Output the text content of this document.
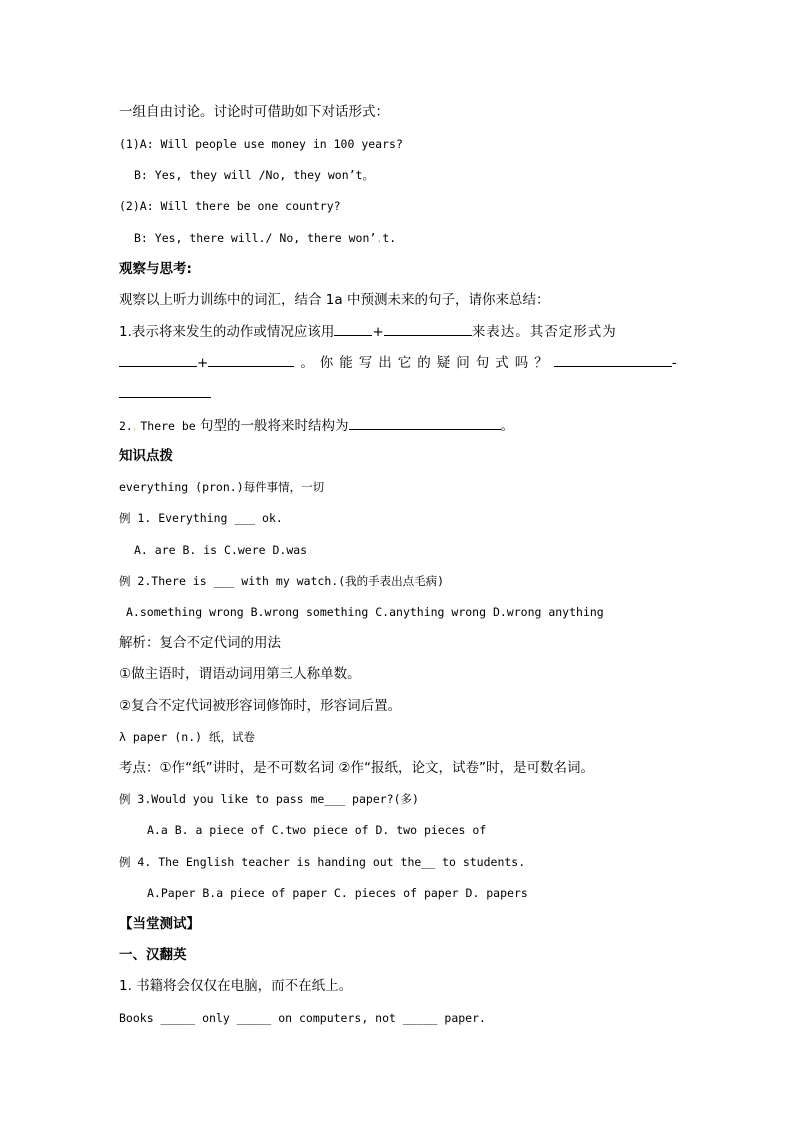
一组自由讨论。讨论时可借助如下对话形式：
(1)A: Will people use money in 100 years?
B: Yes, they will /No, they won’t。
(2)A: Will there be one country?
B: Yes, there will./ No, there won’.t.
观察与思考:
观察以上听力训练中的词汇，结合 1a 中预测未来的句子，请你来总结：
1.表示将来发生的动作或情况应该用	+	来表达。其否定形式为
+	。你能写出它的疑问句式吗？	-
2.. There be 句型的一般将来时结构为	。
知识点拨
everything (pron.)每件事情，一切
例 1. Everything ___ ok.
A. are B. is C.were D.was
例 2.There is ___ with my watch.(我的手表出点毛病)
A.something wrong B.wrong something C.anything wrong D.wrong anything
解析：复合不定代词的用法
①做主语时，谓语动词用第三人称单数。
②复合不定代词被形容词修饰时，形容词后置。
λ paper (n.) 纸，试卷
考点：①作“纸”讲时，是不可数名词 ②作“报纸，论文，试卷”时，是可数名词。
例 3.Would you like to pass me___ paper?(多)
A.a B. a piece of C.two piece of D. two pieces of
例 4. The English teacher is handing out the__ to students.
A.Paper B.a piece of paper C. pieces of paper D. papers
【当堂测试】
一、汉翻英
1. 书籍将会仅仅在电脑，而不在纸上。
Books _____ only _____ on computers, not _____ paper.
